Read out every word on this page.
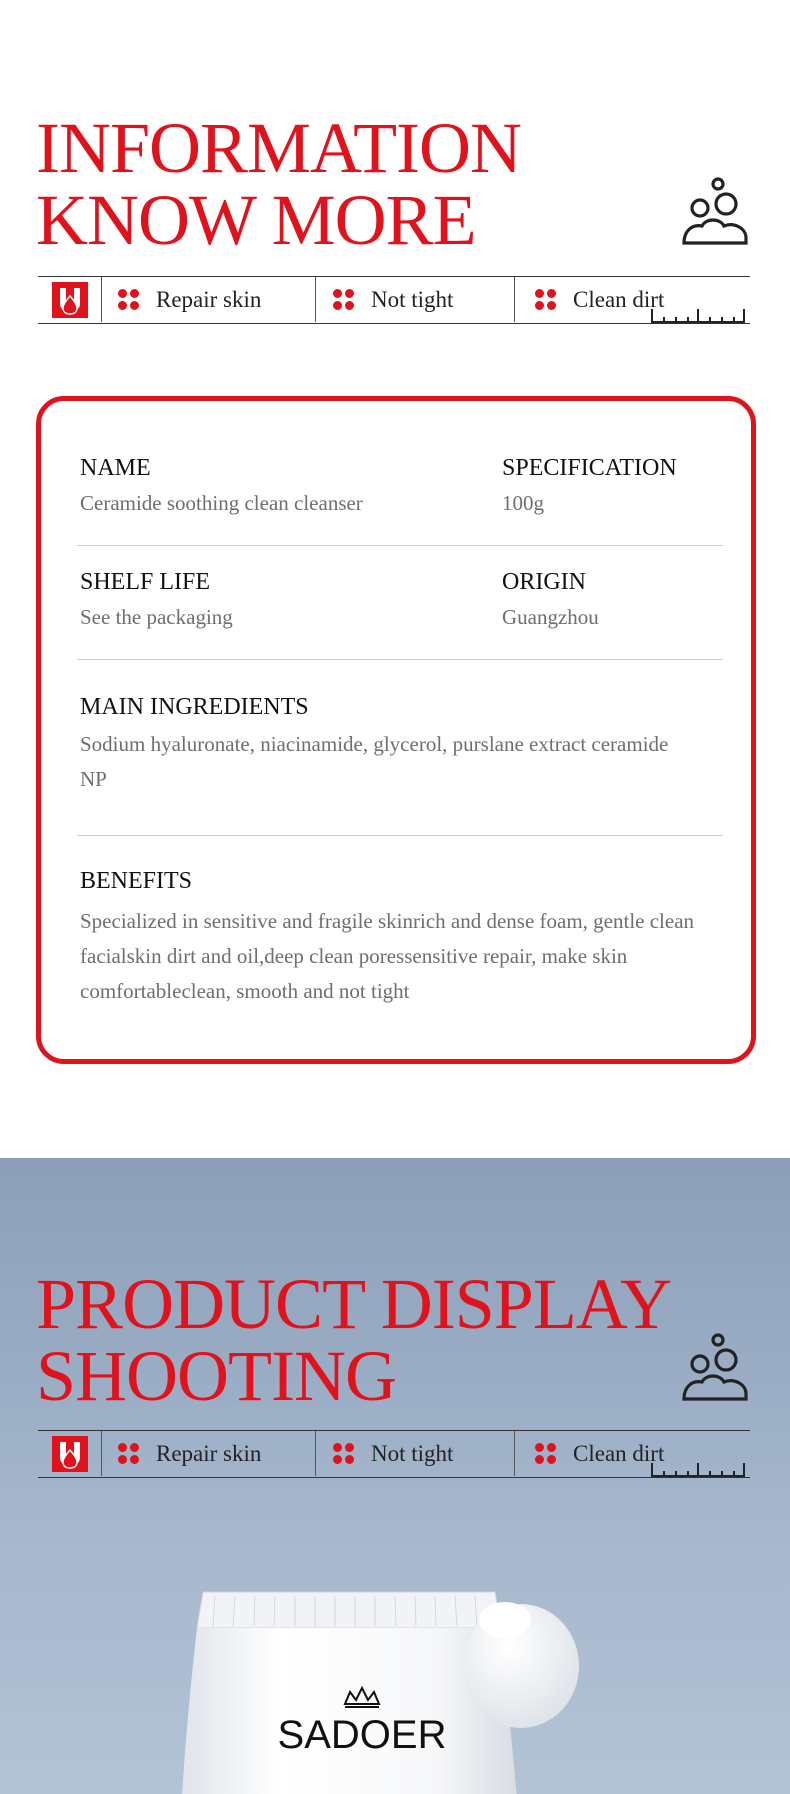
INFORMATION
KNOW MORE
Repair skin	Not tight	Clean dirt
NAME
Ceramide soothing clean cleanser
SPECIFICATION
100g
SHELF LIFE
See the packaging
ORIGIN
Guangzhou
MAIN INGREDIENTS
Sodium hyaluronate, niacinamide, glycerol, purslane extract ceramide NP
BENEFITS
Specialized in sensitive and fragile skinrich and dense foam, gentle clean facialskin dirt and oil,deep clean poressensitive repair, make skin comfortableclean, smooth and not tight
PRODUCT DISPLAY
SHOOTING
Repair skin	Not tight	Clean dirt
SADOER
